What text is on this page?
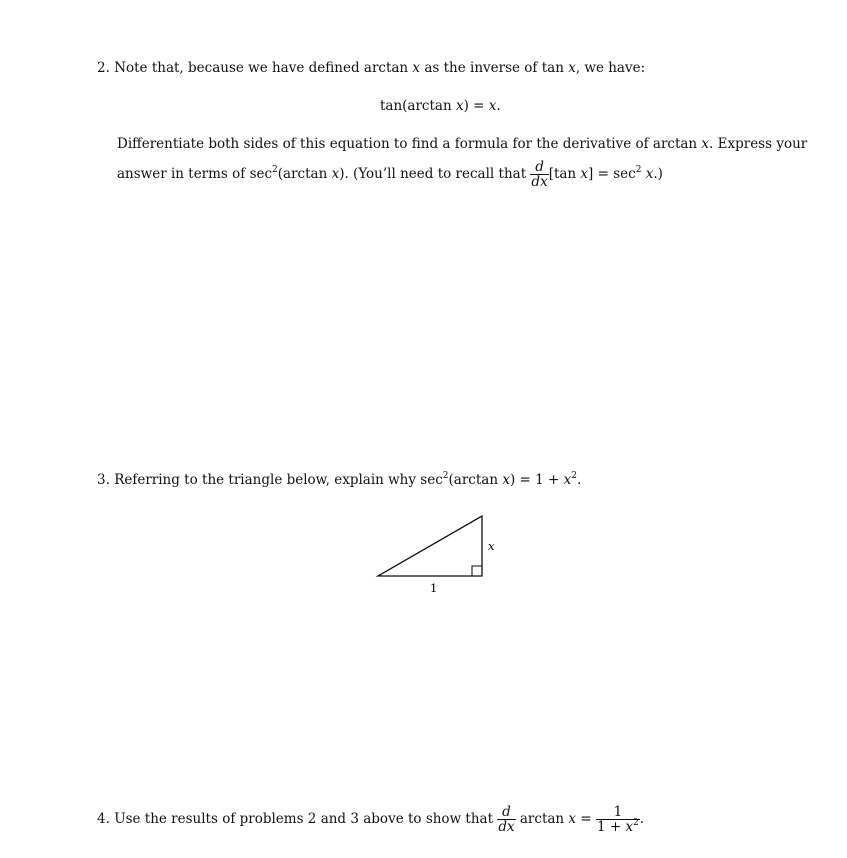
2. Note that, because we have defined arctan x as the inverse of tan x, we have:
tan(arctan x) = x.
Differentiate both sides of this equation to find a formula for the derivative of arctan x. Express your
answer in terms of $\sec^2(\arctan$ x). (You’ll need to recall that $\frac{d}{dx} [\tan$ $x] = \sec^2 x$.)
3. Referring to the triangle below, explain why $\sec^2(\arctan$ $x) = 1 + x^2$.
x
1
4. Use the results of problems 2 and 3 above to show that $\frac{d}{dx}$ $\arctan x = \frac{1}{1 + x^2}$ .
